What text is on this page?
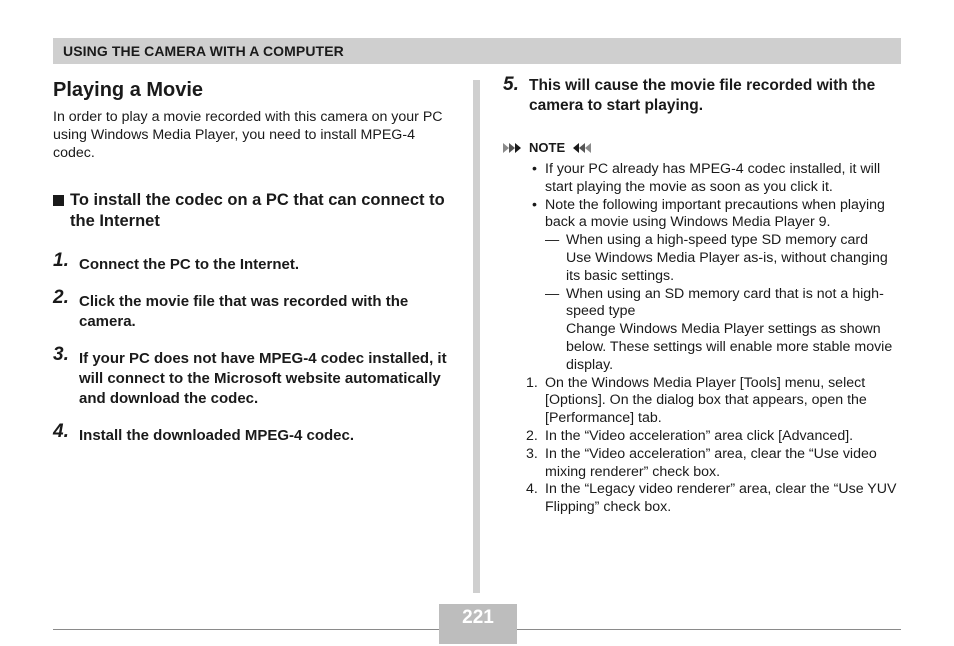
USING THE CAMERA WITH A COMPUTER
Playing a Movie

In order to play a movie recorded with this camera on your PC using Windows Media Player, you need to install MPEG-4 codec.

To install the codec on a PC that can connect to the Internet
1. Connect the PC to the Internet.
2. Click the movie file that was recorded with the camera.
3. If your PC does not have MPEG-4 codec installed, it will connect to the Microsoft website automatically and download the codec.
4. Install the downloaded MPEG-4 codec.
5. This will cause the movie file recorded with the camera to start playing.
NOTE
• If your PC already has MPEG-4 codec installed, it will start playing the movie as soon as you click it.
• Note the following important precautions when playing back a movie using Windows Media Player 9.
— When using a high-speed type SD memory card
Use Windows Media Player as-is, without changing its basic settings.
— When using an SD memory card that is not a high-speed type
Change Windows Media Player settings as shown below. These settings will enable more stable movie display.
1. On the Windows Media Player [Tools] menu, select [Options]. On the dialog box that appears, open the [Performance] tab.
2. In the “Video acceleration” area click [Advanced].
3. In the “Video acceleration” area, clear the “Use video mixing renderer” check box.
4. In the “Legacy video renderer” area, clear the “Use YUV Flipping” check box.
221
